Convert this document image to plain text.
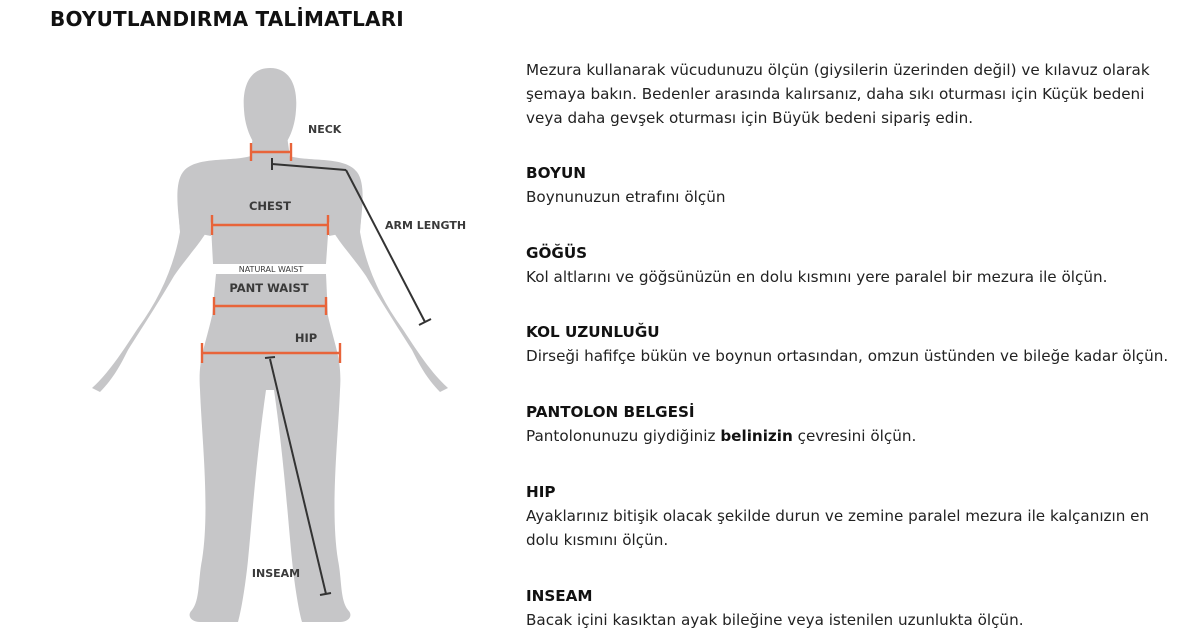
BOYUTLANDIRMA TALİMATLARI
NECK
CHEST
ARM LENGTH
NATURAL WAIST
PANT WAIST
HIP
INSEAM

Mezura kullanarak vücudunuzu ölçün (giysilerin üzerinden değil) ve kılavuz olarak şemaya bakın. Bedenler arasında kalırsanız, daha sıkı oturması için Küçük bedeni veya daha gevşek oturması için Büyük bedeni sipariş edin.

BOYUN

Boynunuzun etrafını ölçün

GÖĞÜS

Kol altlarını ve göğsünüzün en dolu kısmını yere paralel bir mezura ile ölçün.

KOL UZUNLUĞU

Dirseği hafifçe bükün ve boynun ortasından, omzun üstünden ve bileğe kadar ölçün.

PANTOLON BELGESİ

Pantolonunuzu giydiğiniz belinizin çevresini ölçün.

HIP

Ayaklarınız bitişik olacak şekilde durun ve zemine paralel mezura ile kalçanızın en dolu kısmını ölçün.

INSEAM

Bacak içini kasıktan ayak bileğine veya istenilen uzunlukta ölçün.
